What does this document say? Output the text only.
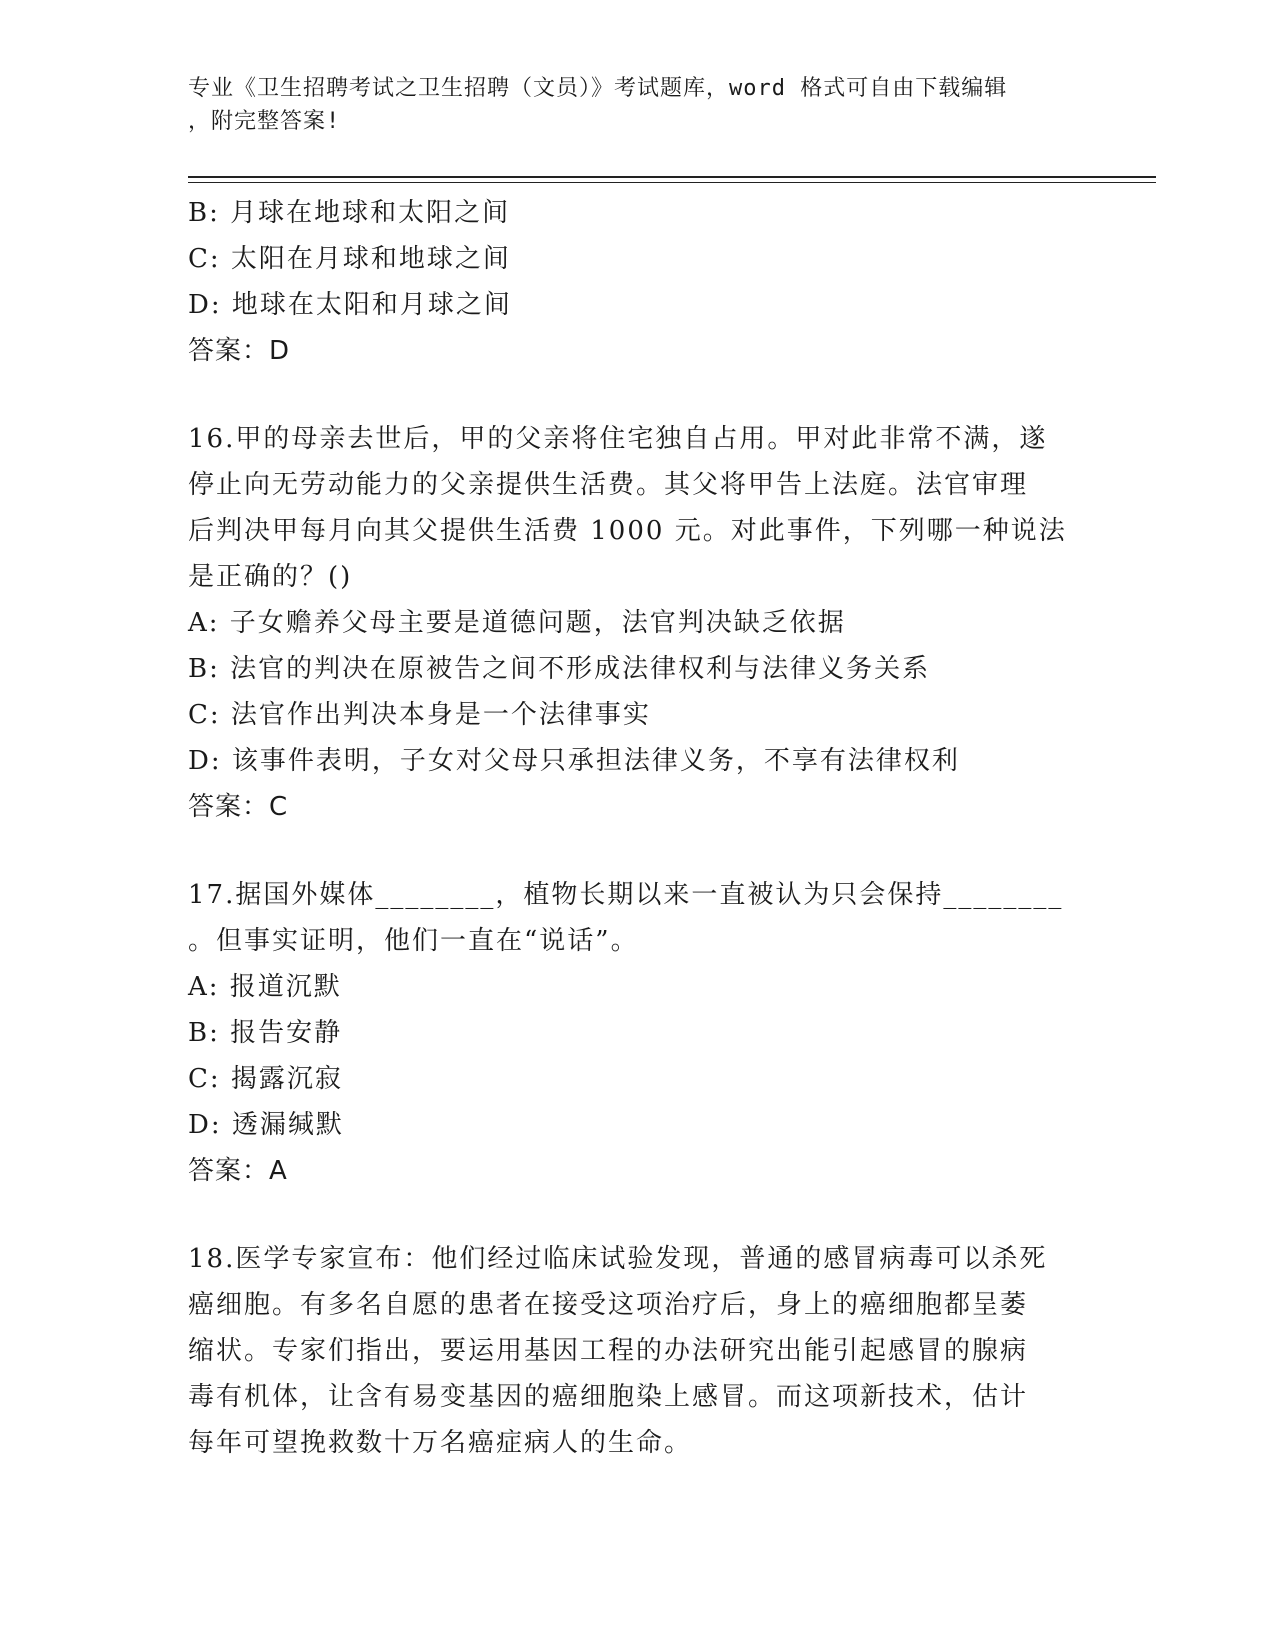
专业《卫生招聘考试之卫生招聘（文员）》考试题库，word 格式可自由下载编辑
，附完整答案!
B: 月球在地球和太阳之间
C: 太阳在月球和地球之间
D: 地球在太阳和月球之间
答案：D
16.甲的母亲去世后，甲的父亲将住宅独自占用。甲对此非常不满，遂
停止向无劳动能力的父亲提供生活费。其父将甲告上法庭。法官审理
后判决甲每月向其父提供生活费 1000 元。对此事件，下列哪一种说法
是正确的？()
A: 子女赡养父母主要是道德问题，法官判决缺乏依据
B: 法官的判决在原被告之间不形成法律权利与法律义务关系
C: 法官作出判决本身是一个法律事实
D: 该事件表明，子女对父母只承担法律义务，不享有法律权利
答案：C
17.据国外媒体________，植物长期以来一直被认为只会保持________
。但事实证明，他们一直在“说话”。
A: 报道沉默
B: 报告安静
C: 揭露沉寂
D: 透漏缄默
答案：A
18.医学专家宣布：他们经过临床试验发现，普通的感冒病毒可以杀死
癌细胞。有多名自愿的患者在接受这项治疗后，身上的癌细胞都呈萎
缩状。专家们指出，要运用基因工程的办法研究出能引起感冒的腺病
毒有机体，让含有易变基因的癌细胞染上感冒。而这项新技术，估计
每年可望挽救数十万名癌症病人的生命。
